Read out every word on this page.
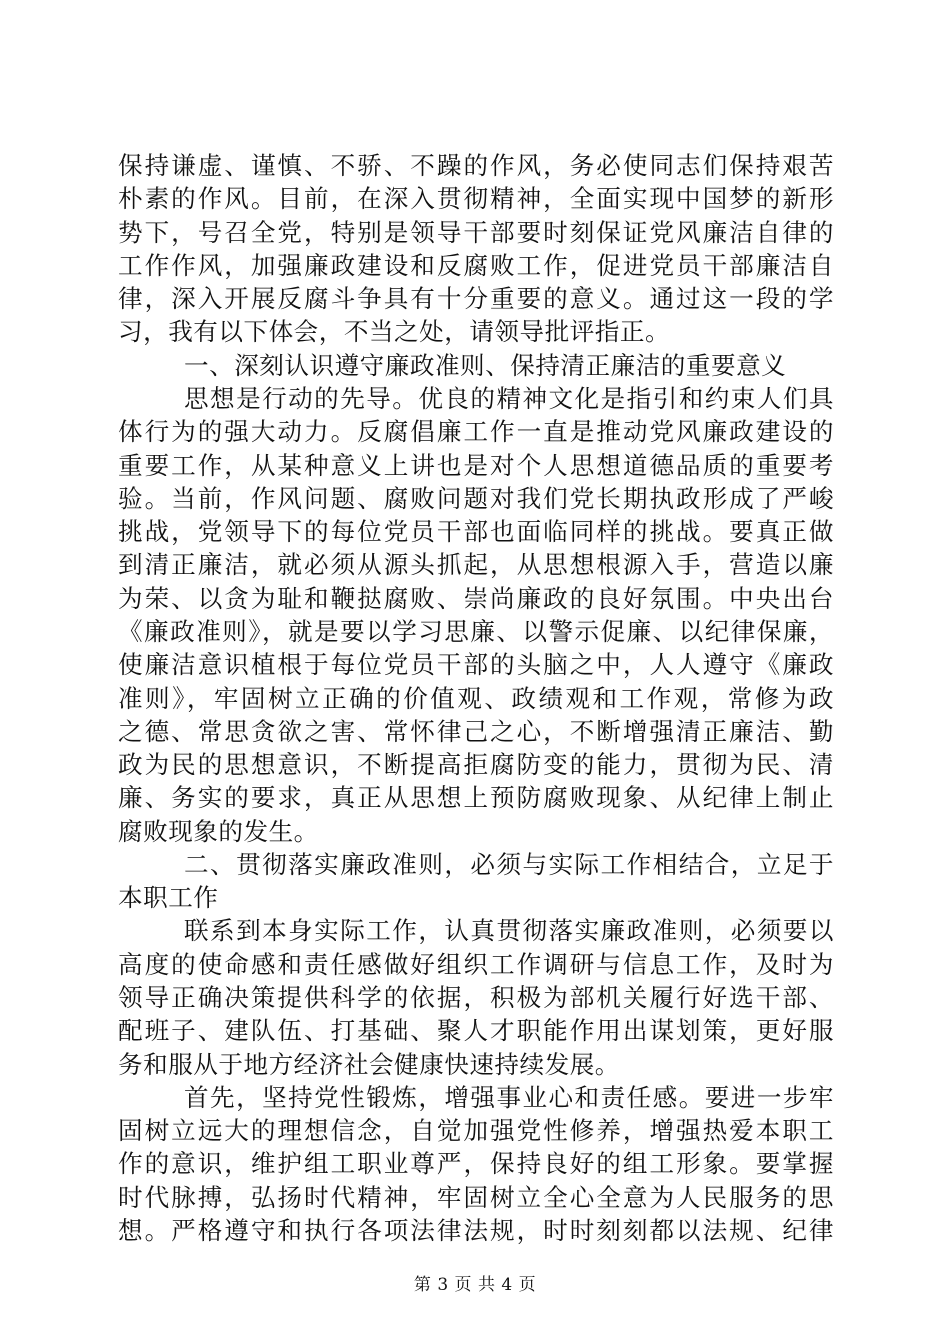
保持谦虚、谨慎、不骄、不躁的作风，务必使同志们保持艰苦
朴素的作风。目前，在深入贯彻精神，全面实现中国梦的新形
势下，号召全党，特别是领导干部要时刻保证党风廉洁自律的
工作作风，加强廉政建设和反腐败工作，促进党员干部廉洁自
律，深入开展反腐斗争具有十分重要的意义。通过这一段的学
习，我有以下体会，不当之处，请领导批评指正。
一、深刻认识遵守廉政准则、保持清正廉洁的重要意义
思想是行动的先导。优良的精神文化是指引和约束人们具
体行为的强大动力。反腐倡廉工作一直是推动党风廉政建设的
重要工作，从某种意义上讲也是对个人思想道德品质的重要考
验。当前，作风问题、腐败问题对我们党长期执政形成了严峻
挑战，党领导下的每位党员干部也面临同样的挑战。要真正做
到清正廉洁，就必须从源头抓起，从思想根源入手，营造以廉
为荣、以贪为耻和鞭挞腐败、崇尚廉政的良好氛围。中央出台
《廉政准则》，就是要以学习思廉、以警示促廉、以纪律保廉，
使廉洁意识植根于每位党员干部的头脑之中，人人遵守《廉政
准则》，牢固树立正确的价值观、政绩观和工作观，常修为政
之德、常思贪欲之害、常怀律己之心，不断增强清正廉洁、勤
政为民的思想意识，不断提高拒腐防变的能力，贯彻为民、清
廉、务实的要求，真正从思想上预防腐败现象、从纪律上制止
腐败现象的发生。
二、贯彻落实廉政准则，必须与实际工作相结合，立足于
本职工作
联系到本身实际工作，认真贯彻落实廉政准则，必须要以
高度的使命感和责任感做好组织工作调研与信息工作，及时为
领导正确决策提供科学的依据，积极为部机关履行好选干部、
配班子、建队伍、打基础、聚人才职能作用出谋划策，更好服
务和服从于地方经济社会健康快速持续发展。
首先，坚持党性锻炼，增强事业心和责任感。要进一步牢
固树立远大的理想信念，自觉加强党性修养，增强热爱本职工
作的意识，维护组工职业尊严，保持良好的组工形象。要掌握
时代脉搏，弘扬时代精神，牢固树立全心全意为人民服务的思
想。严格遵守和执行各项法律法规，时时刻刻都以法规、纪律
第 3 页 共 4 页
